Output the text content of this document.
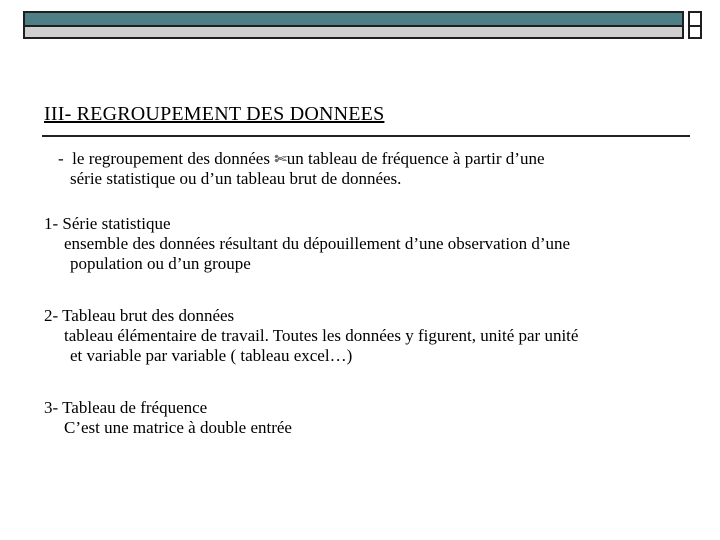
III- REGROUPEMENT DES DONNEES
- le regroupement des données ✄un tableau de fréquence à partir d’une
série statistique ou d’un tableau brut de données.
1- Série statistique
ensemble des données résultant du dépouillement d’une observation d’une
population ou d’un groupe
2- Tableau brut des données
tableau élémentaire de travail. Toutes les données y figurent, unité par unité
et variable par variable ( tableau excel…)
3- Tableau de fréquence
C’est une matrice à double entrée
